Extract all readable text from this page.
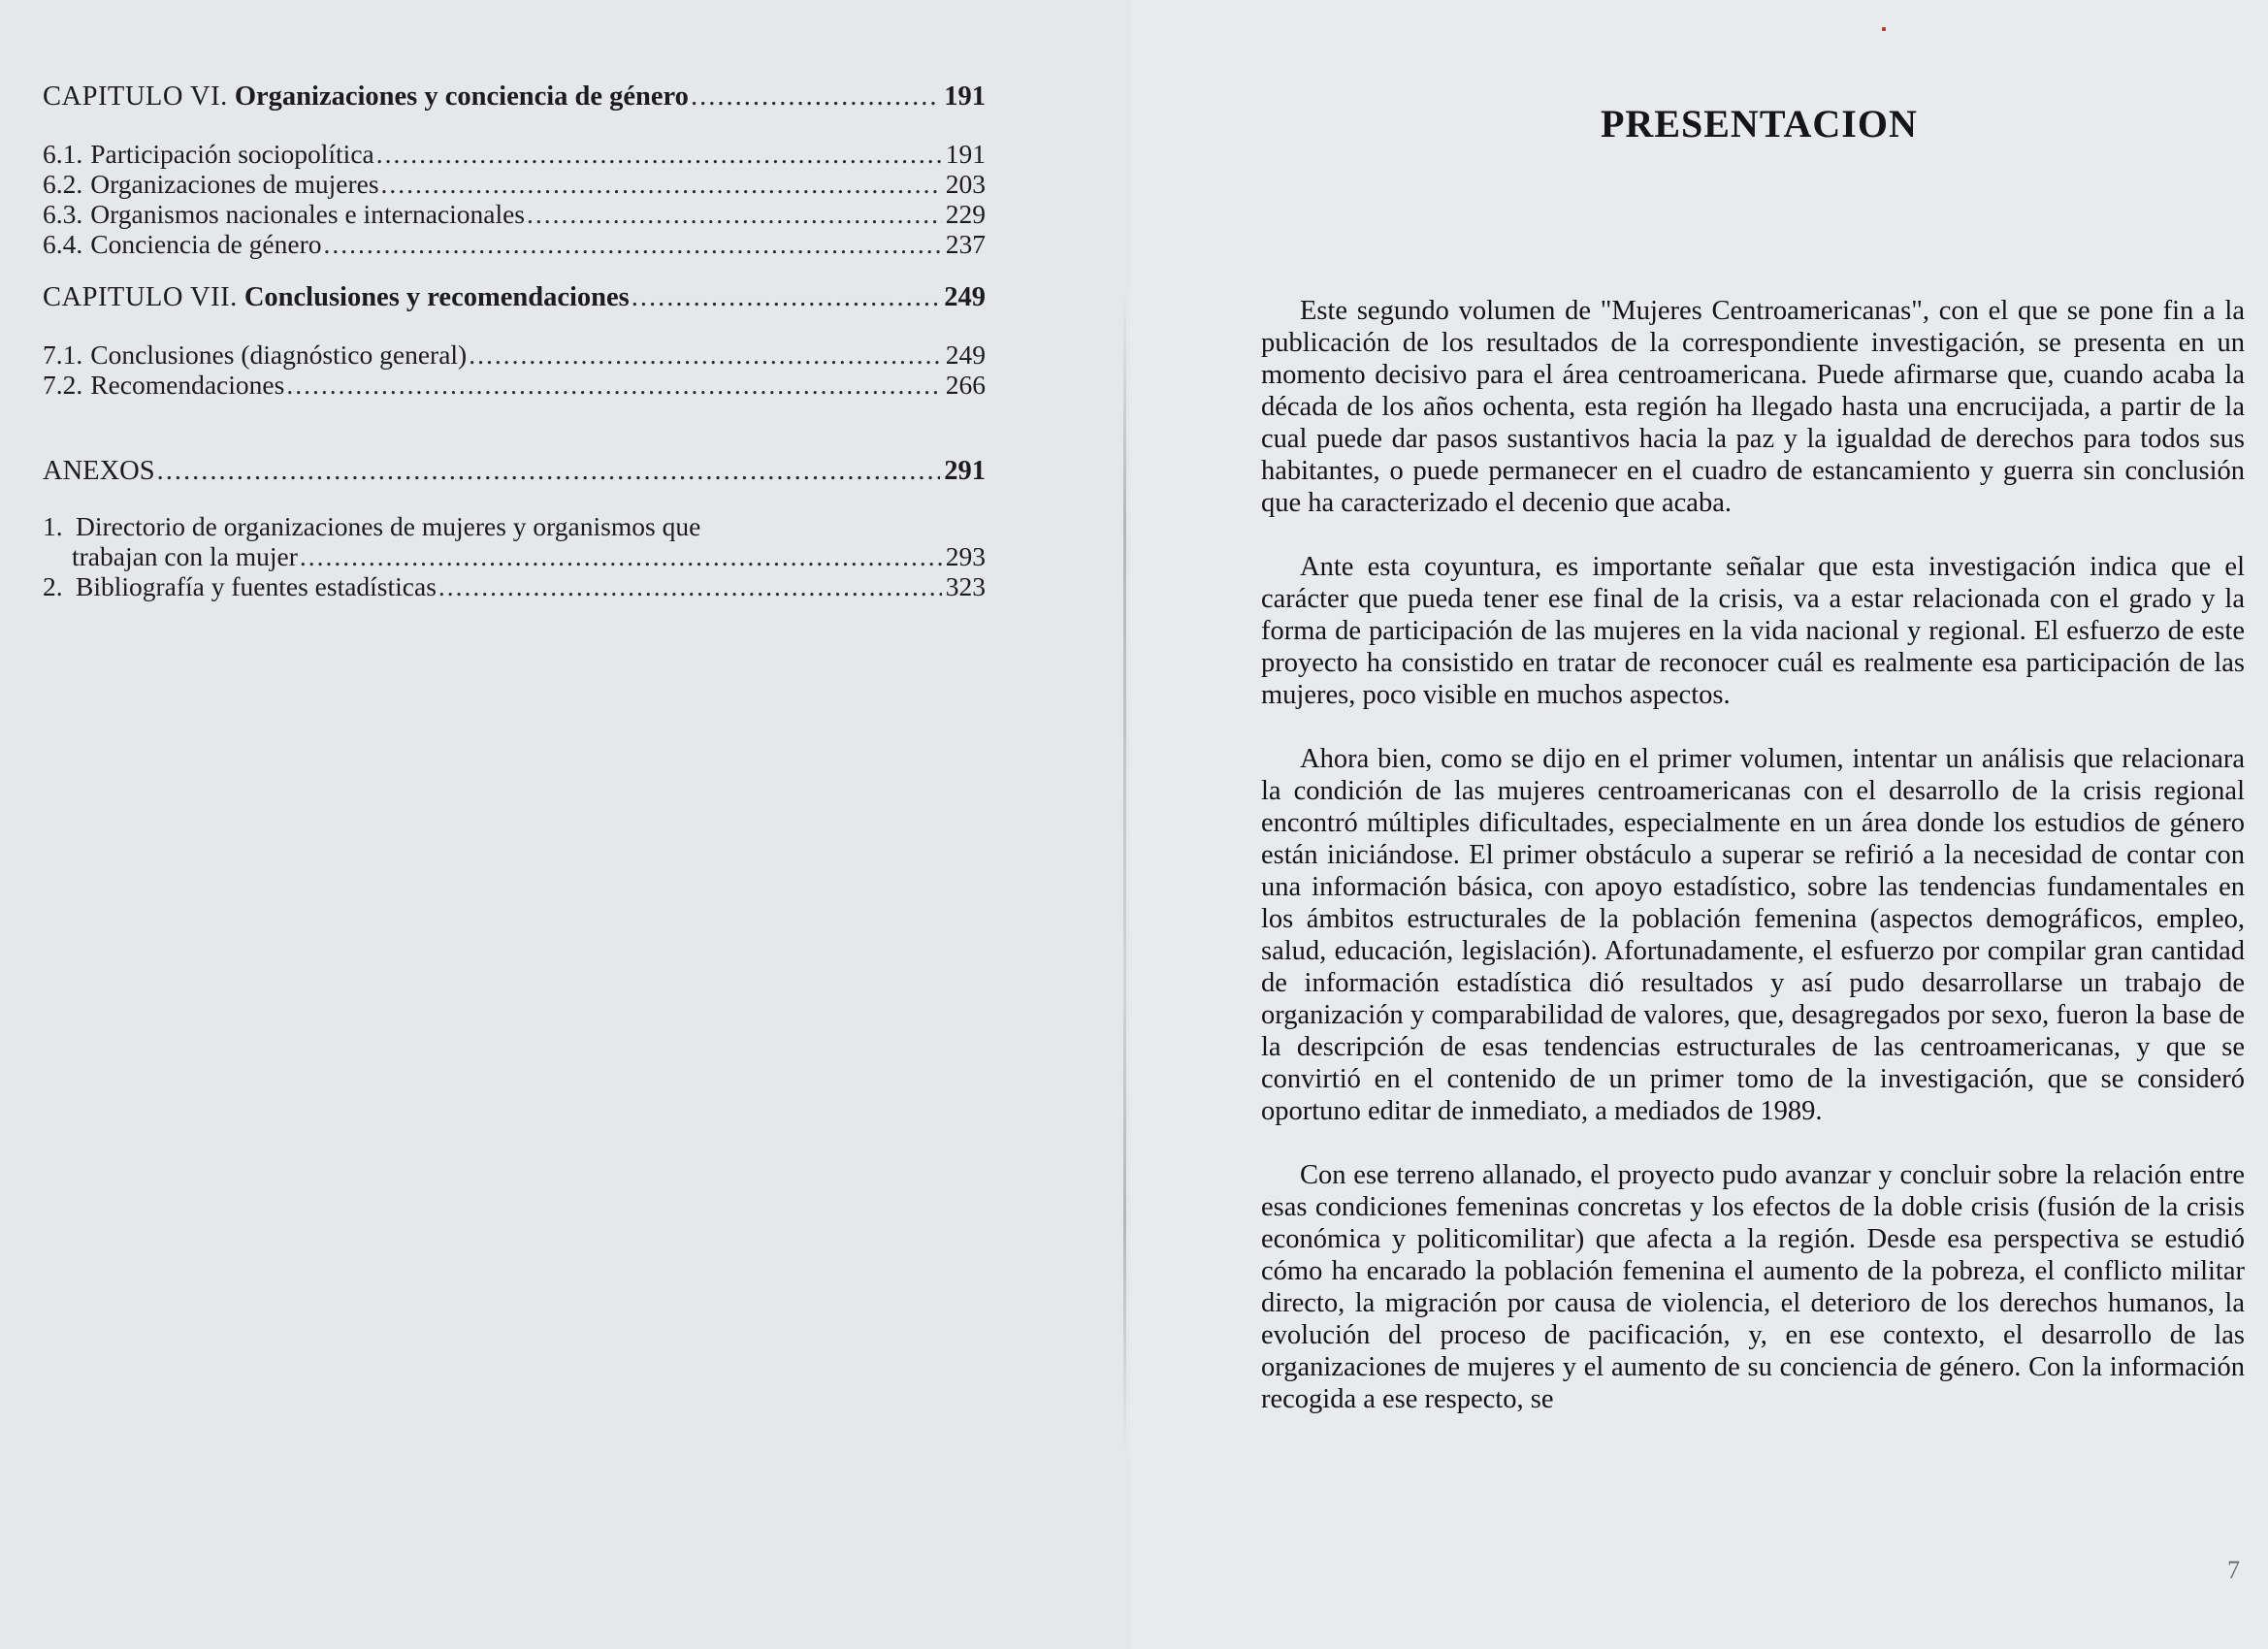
CAPITULO VI. Organizaciones y conciencia de género .....	191
6.1. Participación sociopolítica .....	191
6.2. Organizaciones de mujeres .....	203
6.3. Organismos nacionales e internacionales .....	229
6.4. Conciencia de género .....	237
CAPITULO VII. Conclusiones y recomendaciones .....	249
7.1. Conclusiones (diagnóstico general) .....	249
7.2. Recomendaciones .....	266
ANEXOS .....	291
1. Directorio de organizaciones de mujeres y organismos que
trabajan con la mujer .....	293
2. Bibliografía y fuentes estadísticas .....	323
PRESENTACION

Este segundo volumen de "Mujeres Centroamericanas", con el que se pone fin a la publicación de los resultados de la correspondiente investigación, se presenta en un momento decisivo para el área centroamericana. Puede afirmarse que, cuando acaba la década de los años ochenta, esta región ha llegado hasta una encrucijada, a partir de la cual puede dar pasos sustantivos hacia la paz y la igualdad de derechos para todos sus habitantes, o puede permanecer en el cuadro de estancamiento y guerra sin conclusión que ha caracterizado el decenio que acaba.

Ante esta coyuntura, es importante señalar que esta investigación indica que el carácter que pueda tener ese final de la crisis, va a estar relacionada con el grado y la forma de participación de las mujeres en la vida nacional y regional. El esfuerzo de este proyecto ha consistido en tratar de reconocer cuál es realmente esa participación de las mujeres, poco visible en muchos aspectos.

Ahora bien, como se dijo en el primer volumen, intentar un análisis que relacionara la condición de las mujeres centroamericanas con el desarrollo de la crisis regional encontró múltiples dificultades, especialmente en un área donde los estudios de género están iniciándose. El primer obstáculo a superar se refirió a la necesidad de contar con una información básica, con apoyo estadístico, sobre las tendencias fundamentales en los ámbitos estructurales de la población femenina (aspectos demográficos, empleo, salud, educación, legislación). Afortunadamente, el esfuerzo por compilar gran cantidad de información estadística dió resultados y así pudo desarrollarse un trabajo de organización y comparabilidad de valores, que, desagregados por sexo, fueron la base de la descripción de esas tendencias estructurales de las centroamericanas, y que se convirtió en el contenido de un primer tomo de la investigación, que se consideró oportuno editar de inmediato, a mediados de 1989.

Con ese terreno allanado, el proyecto pudo avanzar y concluir sobre la relación entre esas condiciones femeninas concretas y los efectos de la doble crisis (fusión de la crisis económica y politicomilitar) que afecta a la región. Desde esa perspectiva se estudió cómo ha encarado la población femenina el aumento de la pobreza, el conflicto militar directo, la migración por causa de violencia, el deterioro de los derechos humanos, la evolución del proceso de pacificación, y, en ese contexto, el desarrollo de las organizaciones de mujeres y el aumento de su conciencia de género. Con la información recogida a ese respecto, se

7
